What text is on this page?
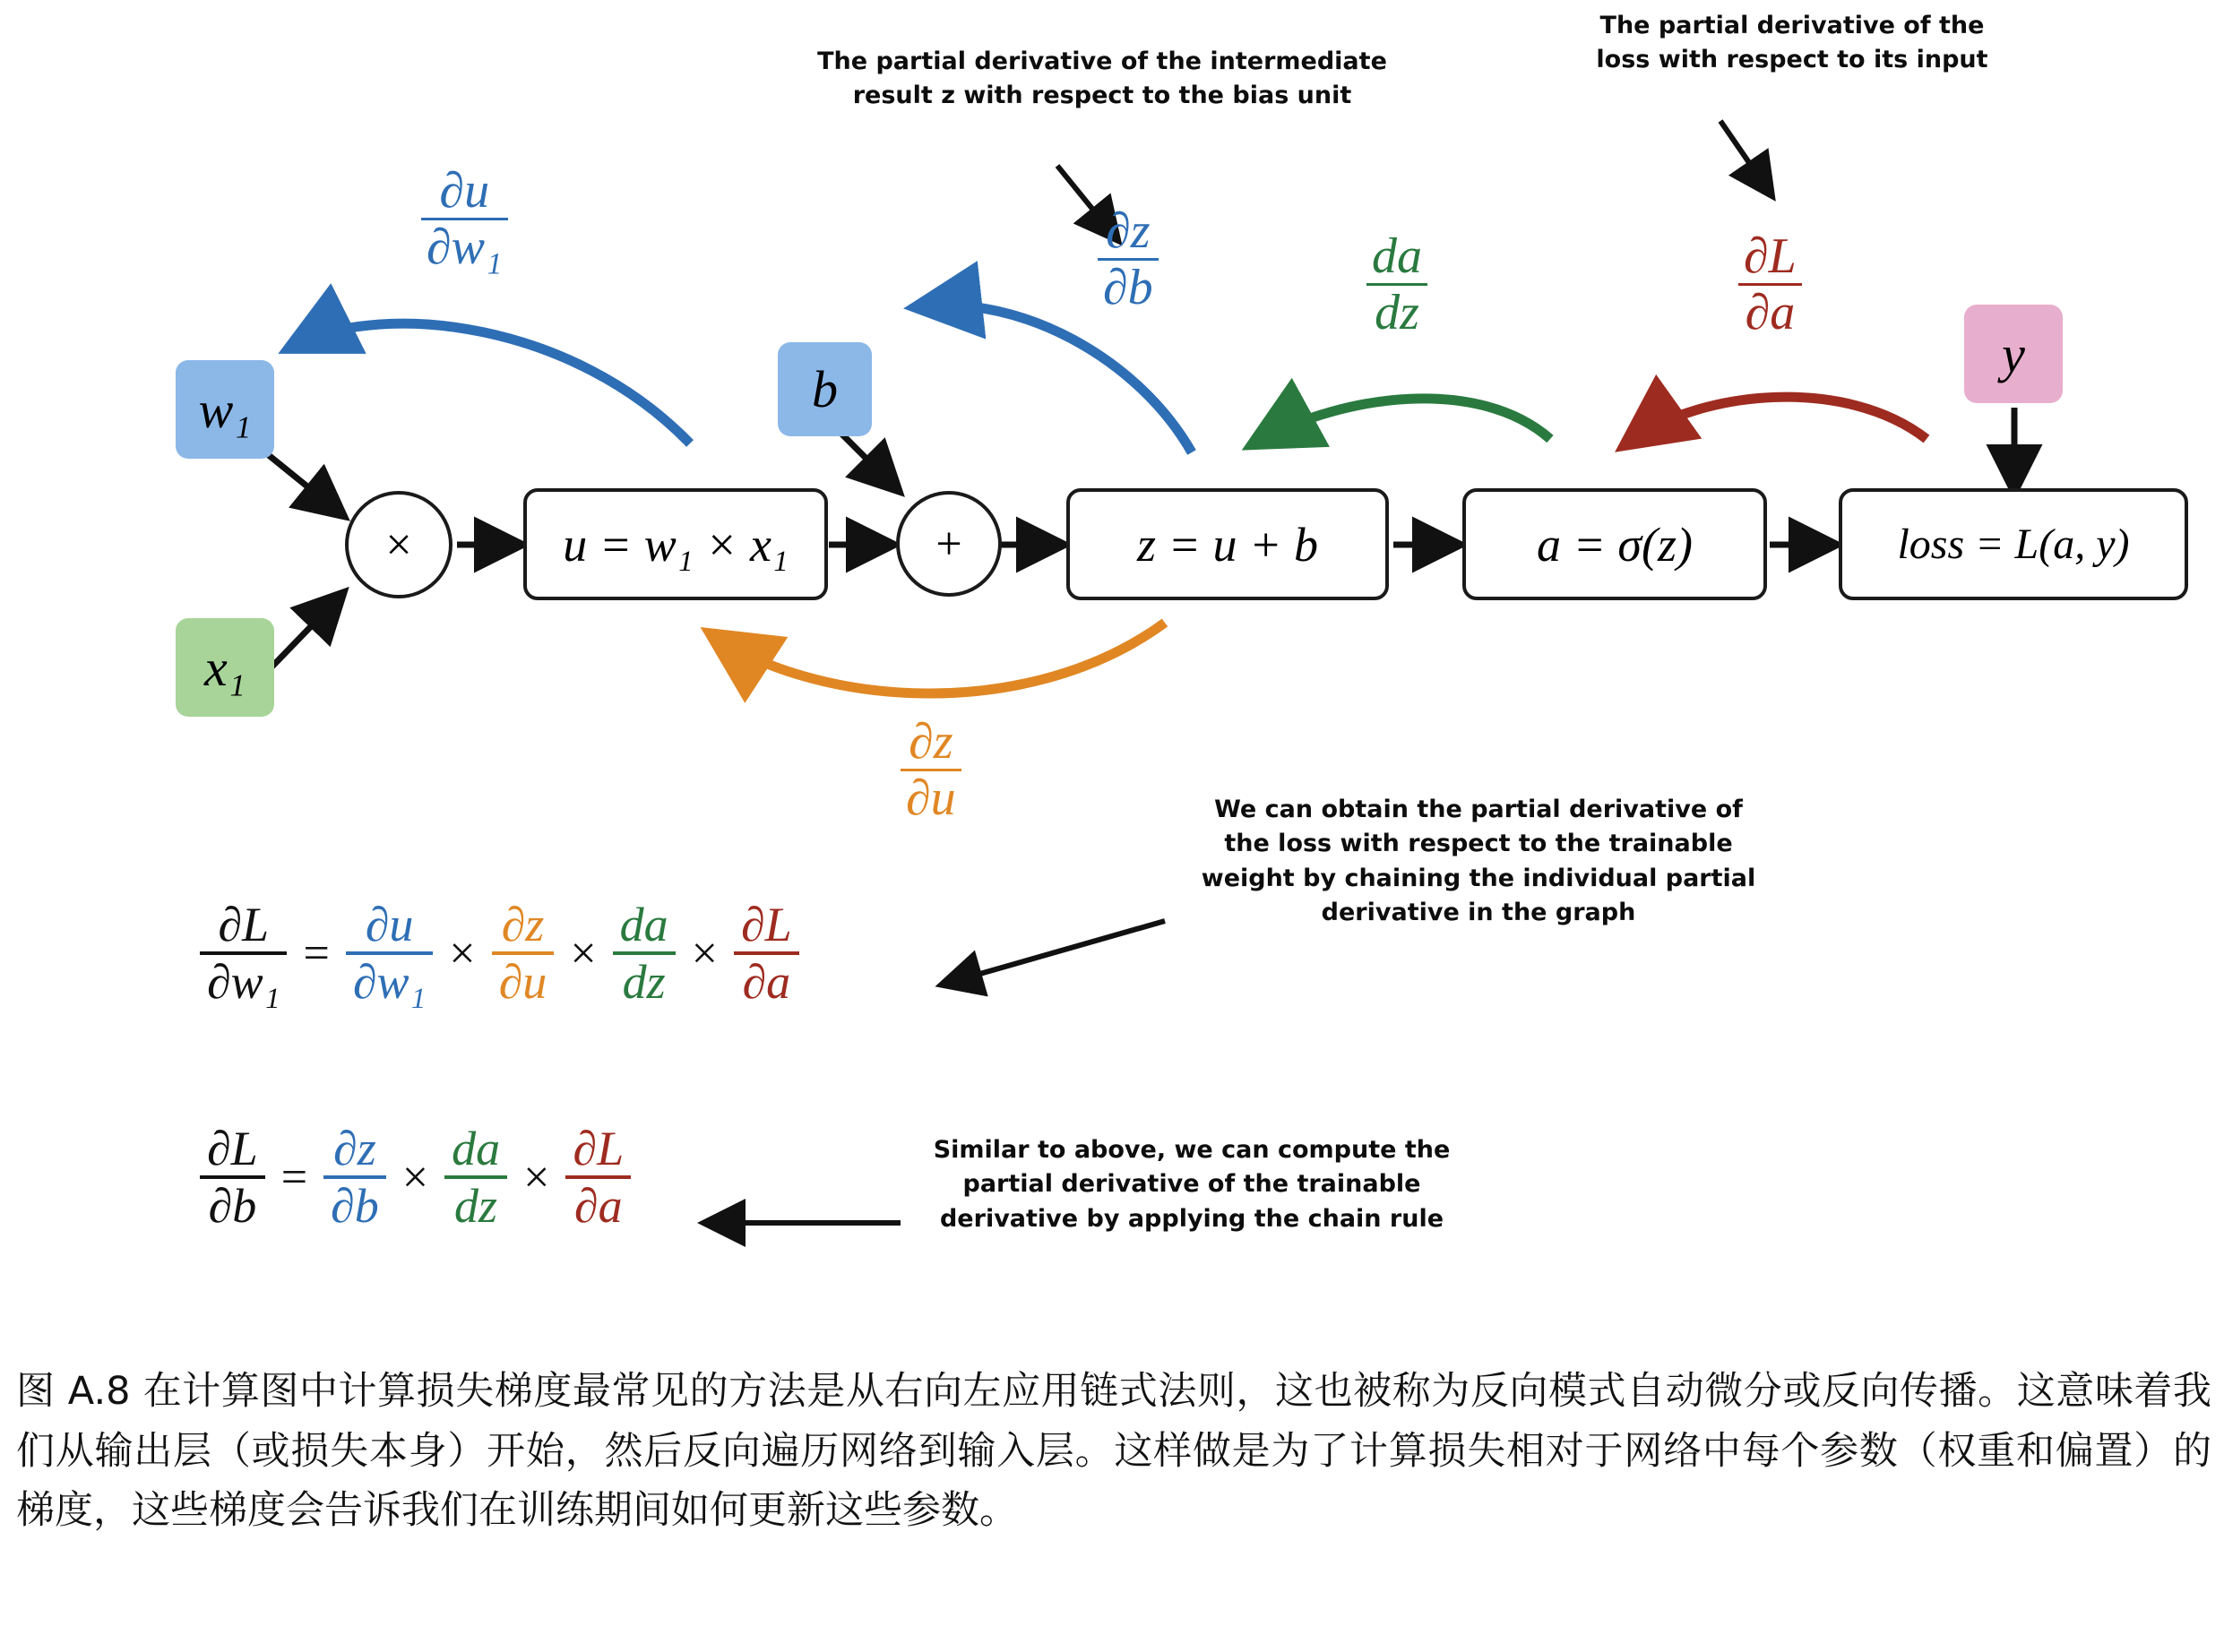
w₁
x₁
b
y
×	+
u = w₁ × x₁	z = u + b	a = σ(z)	loss = L(a, y)
$\frac{\partial u}{\text{∂w₁}}$	$\frac{\partial z}{\partial b}$	$\frac{da}{dz}$	$\frac{\partial L}{\partial a}$
$\frac{\partial z}{\partial u}$
The partial derivative of the intermediate
result z with respect to the bias unit
The partial derivative of the
loss with respect to its input
We can obtain the partial derivative of
the loss with respect to the trainable
weight by chaining the individual partial
derivative in the graph
Similar to above, we can compute the
partial derivative of the trainable
derivative by applying the chain rule
$\frac{\partial L}{\text{∂w₁}} = \frac{\partial u}{\text{∂w₁}} \times \frac{\partial z}{\partial u} \times \frac{da}{dz} \times \frac{\partial L}{\partial a}$
$\frac{\partial L}{\partial b} = \frac{\partial z}{\partial b} \times \frac{da}{dz} \times \frac{\partial L}{\partial a}$
图 A.8 在计算图中计算损失梯度最常见的方法是从右向左应用链式法则，这也被称为反向模式自动微分或反向传播。这意味着我们从输出层（或损失本身）开始，然后反向遍历网络到输入层。这样做是为了计算损失相对于网络中每个参数（权重和偏置）的梯度，这些梯度会告诉我们在训练期间如何更新这些参数。
